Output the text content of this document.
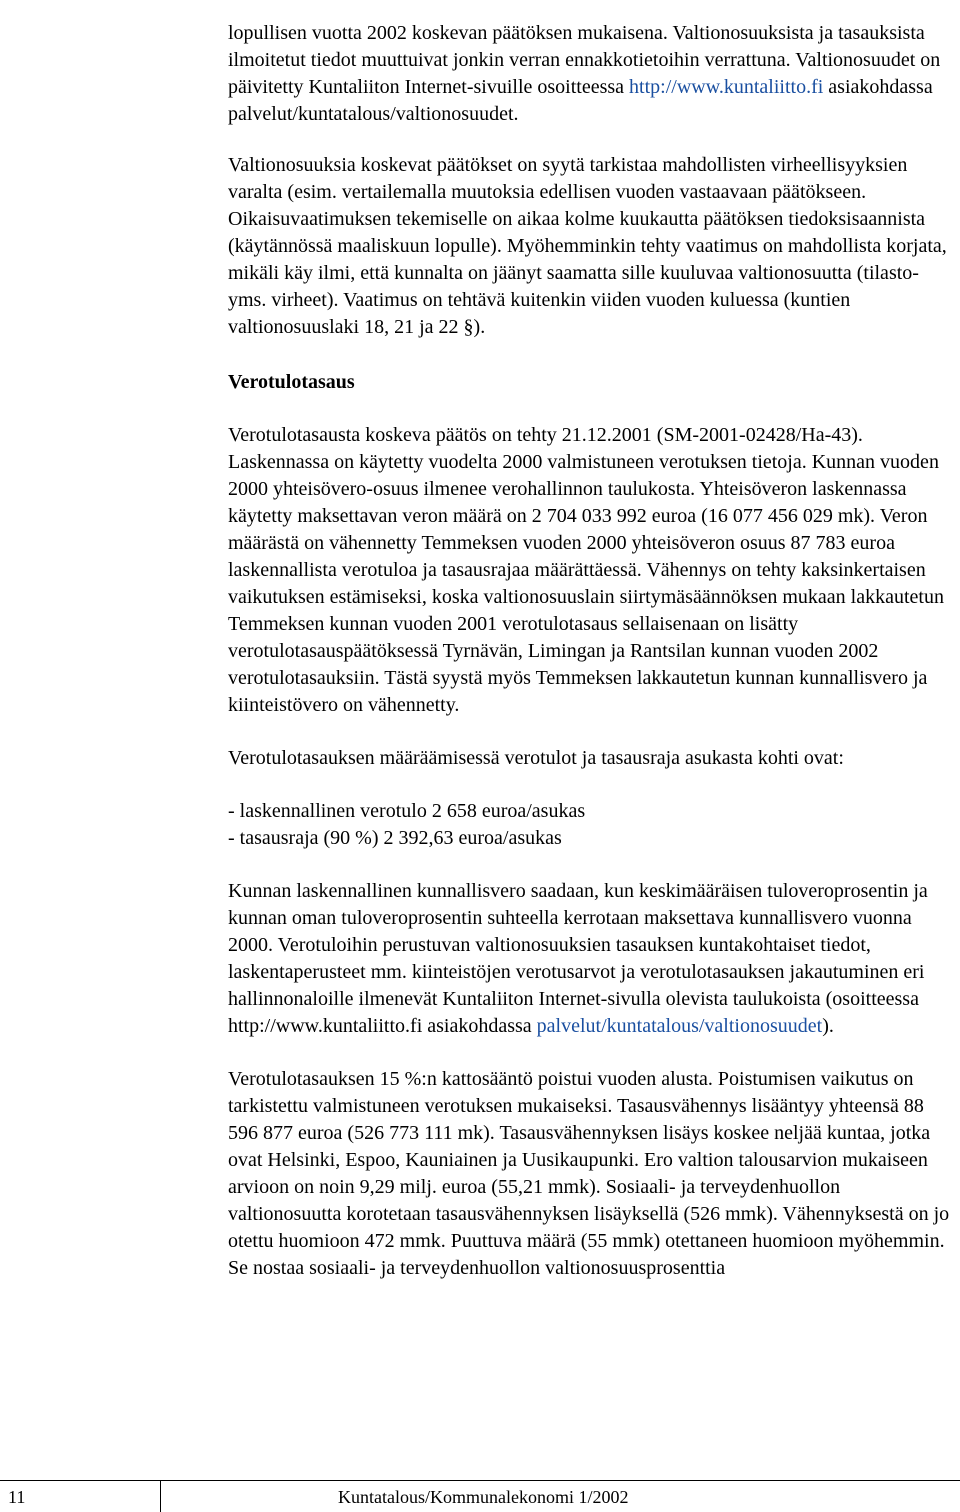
lopullisen vuotta 2002 koskevan päätöksen mukaisena. Valtionosuuksista ja tasauksista ilmoitetut tiedot muuttuivat jonkin verran ennakkotietoihin verrattuna. Valtionosuudet on päivitetty Kuntaliiton Internet-sivuille osoitteessa http://www.kuntaliitto.fi asiakohdassa palvelut/kuntatalous/valtionosuudet.

Valtionosuuksia koskevat päätökset on syytä tarkistaa mahdollisten virheellisyyksien varalta (esim. vertailemalla muutoksia edellisen vuoden vastaavaan päätökseen. Oikaisuvaatimuksen tekemiselle on aikaa kolme kuukautta päätöksen tiedoksisaannista (käytännössä maaliskuun lopulle). Myöhemminkin tehty vaatimus on mahdollista korjata, mikäli käy ilmi, että kunnalta on jäänyt saamatta sille kuuluvaa valtionosuutta (tilasto- yms. virheet). Vaatimus on tehtävä kuitenkin viiden vuoden kuluessa (kuntien valtionosuuslaki 18, 21 ja 22 §).

Verotulotasaus

Verotulotasausta koskeva päätös on tehty 21.12.2001 (SM-2001-02428/Ha-43). Laskennassa on käytetty vuodelta 2000 valmistuneen verotuksen tietoja. Kunnan vuoden 2000 yhteisövero-osuus ilmenee verohallinnon taulukosta. Yhteisöveron laskennassa käytetty maksettavan veron määrä on 2 704 033 992 euroa (16 077 456 029 mk). Veron määrästä on vähennetty Temmeksen vuoden 2000 yhteisöveron osuus 87 783 euroa laskennallista verotuloa ja tasausrajaa määrättäessä. Vähennys on tehty kaksinkertaisen vaikutuksen estämiseksi, koska valtionosuuslain siirtymäsäännöksen mukaan lakkautetun Temmeksen kunnan vuoden 2001 verotulotasaus sellaisenaan on lisätty verotulotasauspäätöksessä Tyrnävän, Limingan ja Rantsilan kunnan vuoden 2002 verotulotasauksiin. Tästä syystä myös Temmeksen lakkautetun kunnan kunnallisvero ja kiinteistövero on vähennetty.

Verotulotasauksen määräämisessä verotulot ja tasausraja asukasta kohti ovat:

- laskennallinen verotulo 2 658 euroa/asukas

- tasausraja (90 %) 2 392,63 euroa/asukas

Kunnan laskennallinen kunnallisvero saadaan, kun keskimääräisen tuloveroprosentin ja kunnan oman tuloveroprosentin suhteella kerrotaan maksettava kunnallisvero vuonna 2000. Verotuloihin perustuvan valtionosuuksien tasauksen kuntakohtaiset tiedot, laskentaperusteet mm. kiinteistöjen verotusarvot ja verotulotasauksen jakautuminen eri hallinnonaloille ilmenevät Kuntaliiton Internet-sivulla olevista taulukoista (osoitteessa http://www.kuntaliitto.fi asiakohdassa palvelut/kuntatalous/valtionosuudet).

Verotulotasauksen 15 %:n kattosääntö poistui vuoden alusta. Poistumisen vaikutus on tarkistettu valmistuneen verotuksen mukaiseksi. Tasausvähennys lisääntyy yhteensä 88 596 877 euroa (526 773 111 mk). Tasausvähennyksen lisäys koskee neljää kuntaa, jotka ovat Helsinki, Espoo, Kauniainen ja Uusikaupunki. Ero valtion talousarvion mukaiseen arvioon on noin 9,29 milj. euroa (55,21 mmk). Sosiaali- ja terveydenhuollon valtionosuutta korotetaan tasausvähennyksen lisäyksellä (526 mmk). Vähennyksestä on jo otettu huomioon 472 mmk. Puuttuva määrä (55 mmk) otettaneen huomioon myöhemmin. Se nostaa sosiaali- ja terveydenhuollon valtionosuusprosenttia

11	Kuntatalous/Kommunalekonomi 1/2002
